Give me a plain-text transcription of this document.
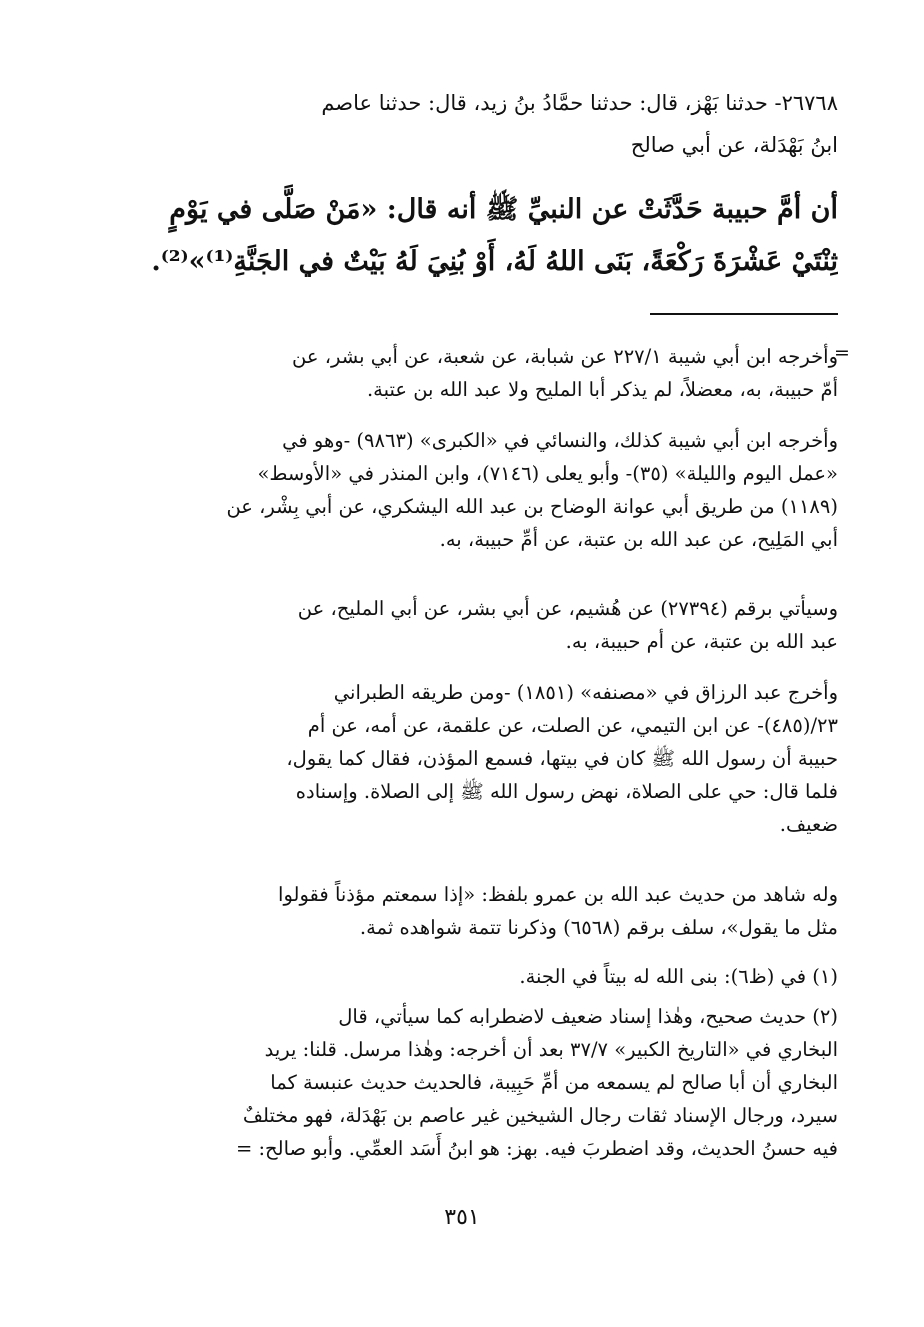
٢٦٧٦٨- حدثنا بَهْز، قال: حدثنا حمَّادُ بنُ زيد، قال: حدثنا عاصم
ابنُ بَهْدَلة، عن أبي صالح
أن أمَّ حبيبة حَدَّثَتْ عن النبيِّ ﷺ أنه قال: «مَنْ صَلَّى في يَوْمٍ
ثِنْتَيْ عَشْرَةَ رَكْعَةً، بَنَى اللهُ لَهُ، أَوْ بُنِيَ لَهُ بَيْتٌ في الجَنَّةِ⁽¹⁾»⁽²⁾.
=
وأخرجه ابن أبي شيبة ٢٢٧/١ عن شبابة، عن شعبة، عن أبي بشر، عن
أمّ حبيبة، به، معضلاً، لم يذكر أبا المليح ولا عبد الله بن عتبة.
وأخرجه ابن أبي شيبة كذلك، والنسائي في «الكبرى» (٩٨٦٣) -وهو في
«عمل اليوم والليلة» (٣٥)- وأبو يعلى (٧١٤٦)، وابن المنذر في «الأوسط»
(١١٨٩) من طريق أبي عوانة الوضاح بن عبد الله اليشكري، عن أبي بِشْر، عن
أبي المَلِيح، عن عبد الله بن عتبة، عن أمِّ حبيبة، به.
وسيأتي برقم (٢٧٣٩٤) عن هُشيم، عن أبي بشر، عن أبي المليح، عن
عبد الله بن عتبة، عن أم حبيبة، به.
وأخرج عبد الرزاق في «مصنفه» (١٨٥١) -ومن طريقه الطبراني
٢٣/(٤٨٥)- عن ابن التيمي، عن الصلت، عن علقمة، عن أمه، عن أم
حبيبة أن رسول الله ﷺ كان في بيتها، فسمع المؤذن، فقال كما يقول،
فلما قال: حي على الصلاة، نهض رسول الله ﷺ إلى الصلاة. وإسناده
ضعيف.
وله شاهد من حديث عبد الله بن عمرو بلفظ: «إذا سمعتم مؤذناً فقولوا
مثل ما يقول»، سلف برقم (٦٥٦٨) وذكرنا تتمة شواهده ثمة.
(١) في (ظ٦): بنى الله له بيتاً في الجنة.
(٢) حديث صحيح، وهٰذا إسناد ضعيف لاضطرابه كما سيأتي، قال
البخاري في «التاريخ الكبير» ٣٧/٧ بعد أن أخرجه: وهٰذا مرسل. قلنا: يريد
البخاري أن أبا صالح لم يسمعه من أمِّ حَبِيبة، فالحديث حديث عنبسة كما
سيرد، ورجال الإسناد ثقات رجال الشيخين غير عاصم بن بَهْدَلة، فهو مختلفٌ
فيه حسنُ الحديث، وقد اضطربَ فيه. بهز: هو ابنُ أَسَد العمِّي. وأبو صالح: =
٣٥١
